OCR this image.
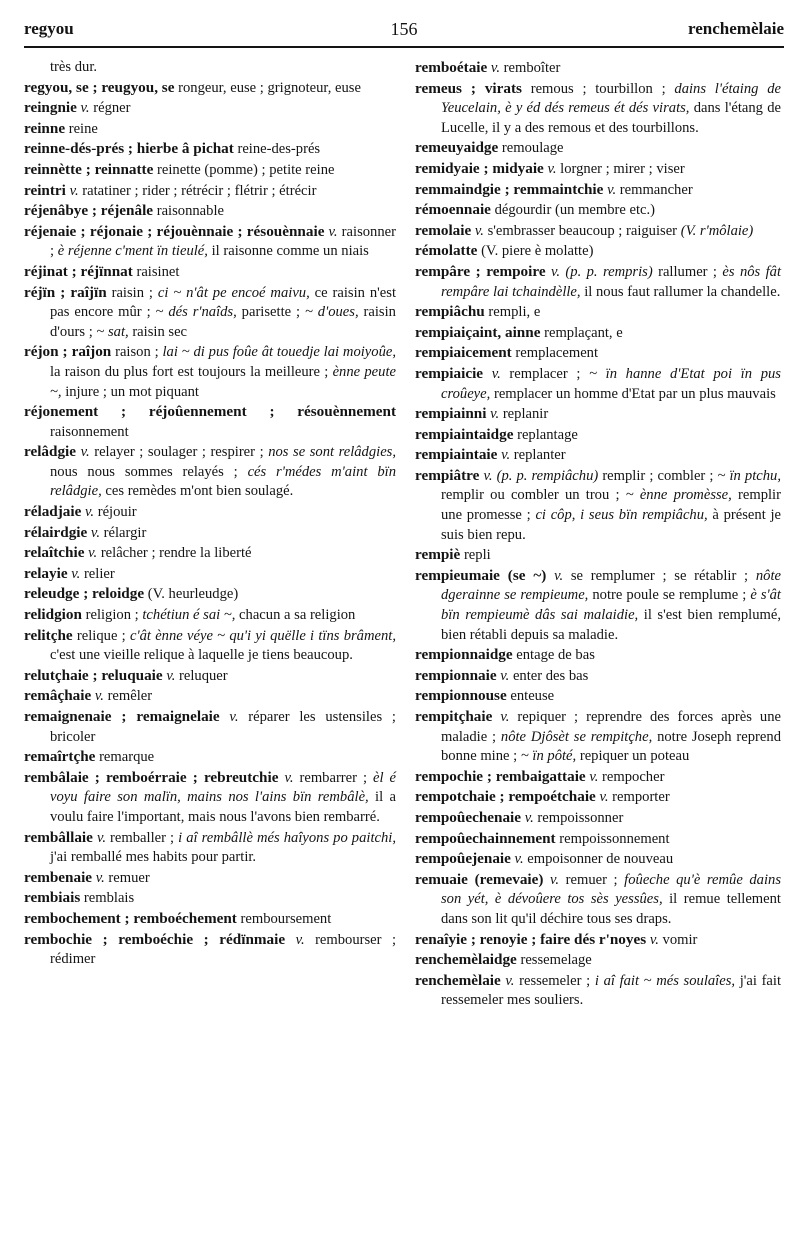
regyou	156	renchemèlaie
très dur.
regyou, se ; reugyou, se rongeur, euse ; grignoteur, euse
reingnie v. régner
reinne reine
reinne-dés-prés ; hierbe â pichat reine-des-prés
reinnètte ; reinnatte reinette (pomme) ; petite reine
reintri v. ratatiner ; rider ; rétrécir ; flétrir ; étrécir
réjenâbye ; réjenâle raisonnable
réjenaie ; réjonaie ; réjouènnaie ; résouènnaie v. raisonner ; è réjenne c'ment ïn tieulé, il raisonne comme un niais
réjinat ; réjïnnat raisinet
réjïn ; raîjïn raisin ; ci ~ n'ât pe encoé maivu, ce raisin n'est pas encore mûr ; ~ dés r'naîds, parisette ; ~ d'oues, raisin d'ours ; ~ sat, raisin sec
réjon ; raîjon raison ; lai ~ di pus foûe ât touedje lai moiyoûe, la raison du plus fort est toujours la meilleure ; ènne peute ~, injure ; un mot piquant
réjonement ; réjoûennement ; résouènnement raisonnement
relâdgie v. relayer ; soulager ; respirer ; nos se sont relâdgies, nous nous sommes relayés ; cés r'médes m'aint bïn relâdgie, ces remèdes m'ont bien soulagé.
réladjaie v. réjouir
rélairdgie v. rélargir
relaîtchie v. relâcher ; rendre la liberté
relayie v. relier
releudge ; reloidge (V. heurleudge)
relidgion religion ; tchétiun é sai ~, chacun a sa religion
relitçhe relique ; c'ât ènne véye ~ qu'i yi quëlle i tïns brâment, c'est une vieille relique à laquelle je tiens beaucoup.
relutçhaie ; reluquaie v. reluquer
remâçhaie v. remêler
remaignenaie ; remaignelaie v. réparer les ustensiles ; bricoler
remaîrtçhe remarque
rembâlaie ; remboérraie ; rebreutchie v. rembarrer ; èl é voyu faire son malïn, mains nos l'ains bïn rembâlè, il a voulu faire l'important, mais nous l'avons bien rembarré.
rembâllaie v. remballer ; i aî rembâllè més haîyons po paitchi, j'ai remballé mes habits pour partir.
rembenaie v. remuer
rembiais remblais
rembochement ; remboéchement remboursement
rembochie ; remboéchie ; rédïnmaie v. rembourser ; rédimer
remboétaie v. remboîter
remeus ; virats remous ; tourbillon ; dains l'étaing de Yeucelain, è y éd dés remeus ét dés virats, dans l'étang de Lucelle, il y a des remous et des tourbillons.
remeuyaidge remoulage
remidyaie ; midyaie v. lorgner ; mirer ; viser
remmaindgie ; remmaintchie v. remmancher
rémoennaie dégourdir (un membre etc.)
remolaie v. s'embrasser beaucoup ; raiguiser (V. r'môlaie)
rémolatte (V. piere è molatte)
rempâre ; rempoire v. (p. p. rempris) rallumer ; ès nôs fât rempâre lai tchaindèlle, il nous faut rallumer la chandelle.
rempiâchu rempli, e
rempiaiçaint, ainne remplaçant, e
rempiaicement remplacement
rempiaicie v. remplacer ; ~ ïn hanne d'Etat poi ïn pus croûeye, remplacer un homme d'Etat par un plus mauvais
rempiainni v. replanir
rempiaintaidge replantage
rempiaintaie v. replanter
rempiâtre v. (p. p. rempiâchu) remplir ; combler ; ~ ïn ptchu, remplir ou combler un trou ; ~ ènne promèsse, remplir une promesse ; ci côp, i seus bïn rempiâchu, à présent je suis bien repu.
rempiè repli
rempieumaie (se ~) v. se remplumer ; se rétablir ; nôte dgerainne se rempieume, notre poule se remplume ; è s'ât bïn rempieumè dâs sai malaidie, il s'est bien remplumé, bien rétabli depuis sa maladie.
rempionnaidge entage de bas
rempionnaie v. enter des bas
rempionnouse enteuse
rempitçhaie v. repiquer ; reprendre des forces après une maladie ; nôte Djôsèt se rempitçhe, notre Joseph reprend bonne mine ; ~ ïn pôté, repiquer un poteau
rempochie ; rembaigattaie v. rempocher
rempotchaie ; rempoétchaie v. remporter
rempoûechenaie v. rempoissonner
rempoûechainnement rempoissonnement
rempoûejenaie v. empoisonner de nouveau
remuaie (remevaie) v. remuer ; foûeche qu'è remûe dains son yét, è dévoûere tos sès yessûes, il remue tellement dans son lit qu'il déchire tous ses draps.
renaîyie ; renoyie ; faire dés r'noyes v. vomir
renchemèlaidge ressemelage
renchemèlaie v. ressemeler ; i aî fait ~ més soulaîes, j'ai fait ressemeler mes souliers.
